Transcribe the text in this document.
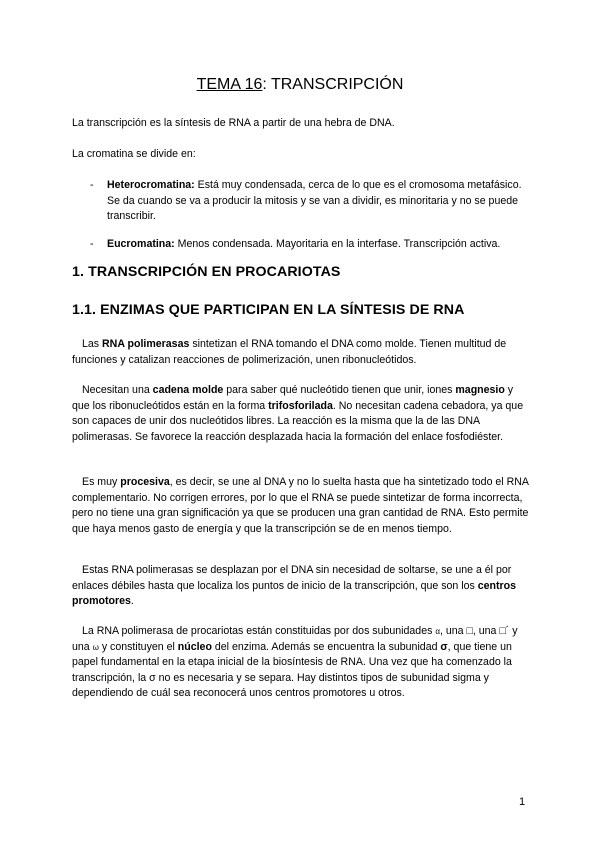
TEMA 16: TRANSCRIPCIÓN
La transcripción es la síntesis de RNA a partir de una hebra de DNA.
La cromatina se divide en:
- Heterocromatina: Está muy condensada, cerca de lo que es el cromosoma metafásico. Se da cuando se va a producir la mitosis y se van a dividir, es minoritaria y no se puede transcribir.
- Eucromatina: Menos condensada. Mayoritaria en la interfase. Transcripción activa.
1. TRANSCRIPCIÓN EN PROCARIOTAS
1.1. ENZIMAS QUE PARTICIPAN EN LA SÍNTESIS DE RNA
Las RNA polimerasas sintetizan el RNA tomando el DNA como molde. Tienen multitud de funciones y catalizan reacciones de polimerización, unen ribonucleótidos.
Necesitan una cadena molde para saber qué nucleótido tienen que unir, iones magnesio y que los ribonucleótidos están en la forma trifosforilada. No necesitan cadena cebadora, ya que son capaces de unir dos nucleótidos libres. La reacción es la misma que la de las DNA polimerasas. Se favorece la reacción desplazada hacia la formación del enlace fosfodiéster.
Es muy procesiva, es decir, se une al DNA y no lo suelta hasta que ha sintetizado todo el RNA complementario. No corrigen errores, por lo que el RNA se puede sintetizar de forma incorrecta, pero no tiene una gran significación ya que se producen una gran cantidad de RNA. Esto permite que haya menos gasto de energía y que la transcripción se de en menos tiempo.
Estas RNA polimerasas se desplazan por el DNA sin necesidad de soltarse, se une a él por enlaces débiles hasta que localiza los puntos de inicio de la transcripción, que son los centros promotores.
La RNA polimerasa de procariotas están constituidas por dos subunidades α, una □, una □´ y una ω y constituyen el núcleo del enzima. Además se encuentra la subunidad σ, que tiene un papel fundamental en la etapa inicial de la biosíntesis de RNA. Una vez que ha comenzado la transcripción, la σ no es necesaria y se separa. Hay distintos tipos de subunidad sigma y dependiendo de cuál sea reconocerá unos centros promotores u otros.
1
